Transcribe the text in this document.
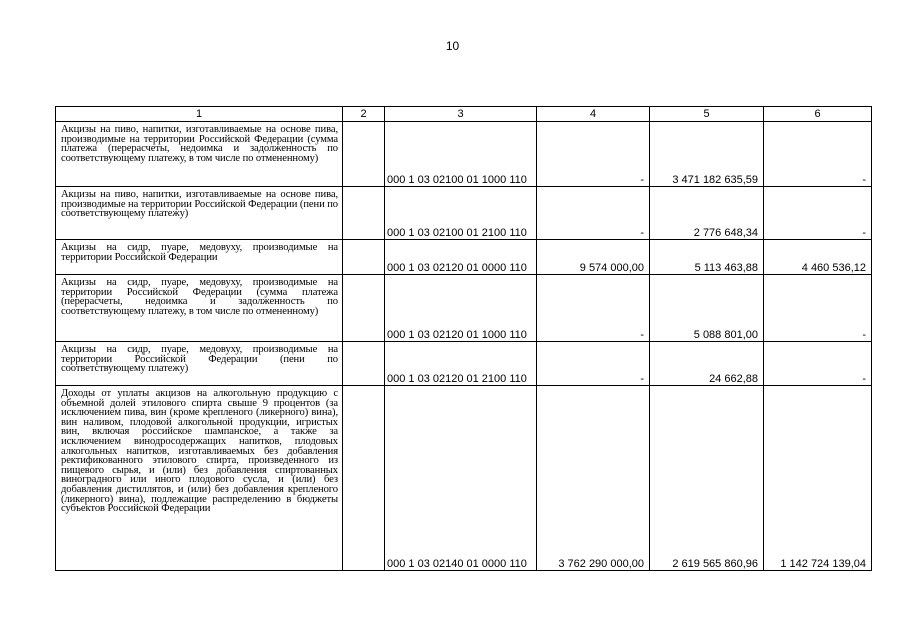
10
1	2	3	4	5	6
Акцизы на пиво, напитки, изготавливаемые на основе пива, производимые на территории Российской Федерации (сумма платежа (перерасчеты, недоимка и задолженность по соответствующему платежу, в том числе по отмененному)		000 1 03 02100 01 1000 110	-	3 471 182 635,59	-
Акцизы на пиво, напитки, изготавливаемые на основе пива, производимые на территории Российской Федерации (пени по соответствующему платежу)		000 1 03 02100 01 2100 110	-	2 776 648,34	-
Акцизы на сидр, пуаре, медовуху, производимые на территории Российской Федерации		000 1 03 02120 01 0000 110	9 574 000,00	5 113 463,88	4 460 536,12
Акцизы на сидр, пуаре, медовуху, производимые на территории Российской Федерации (сумма платежа (перерасчеты, недоимка и задолженность по соответствующему платежу, в том числе по отмененному)		000 1 03 02120 01 1000 110	-	5 088 801,00	-
Акцизы на сидр, пуаре, медовуху, производимые на территории Российской Федерации (пени по соответствующему платежу)		000 1 03 02120 01 2100 110	-	24 662,88	-
Доходы от уплаты акцизов на алкогольную продукцию с объемной долей этилового спирта свыше 9 процентов (за исключением пива, вин (кроме крепленого (ликерного) вина), вин наливом, плодовой алкогольной продукции, игристых вин, включая российское шампанское, а также за исключением винодросодержащих напитков, плодовых алкогольных напитков, изготавливаемых без добавления ректификованного этилового спирта, произведенного из пищевого сырья, и (или) без добавления спиртованных виноградного или иного плодового сусла, и (или) без добавления дистиллятов, и (или) без добавления крепленого (ликерного) вина), подлежащие распределению в бюджеты субъектов Российской Федерации		000 1 03 02140 01 0000 110	3 762 290 000,00	2 619 565 860,96	1 142 724 139,04
